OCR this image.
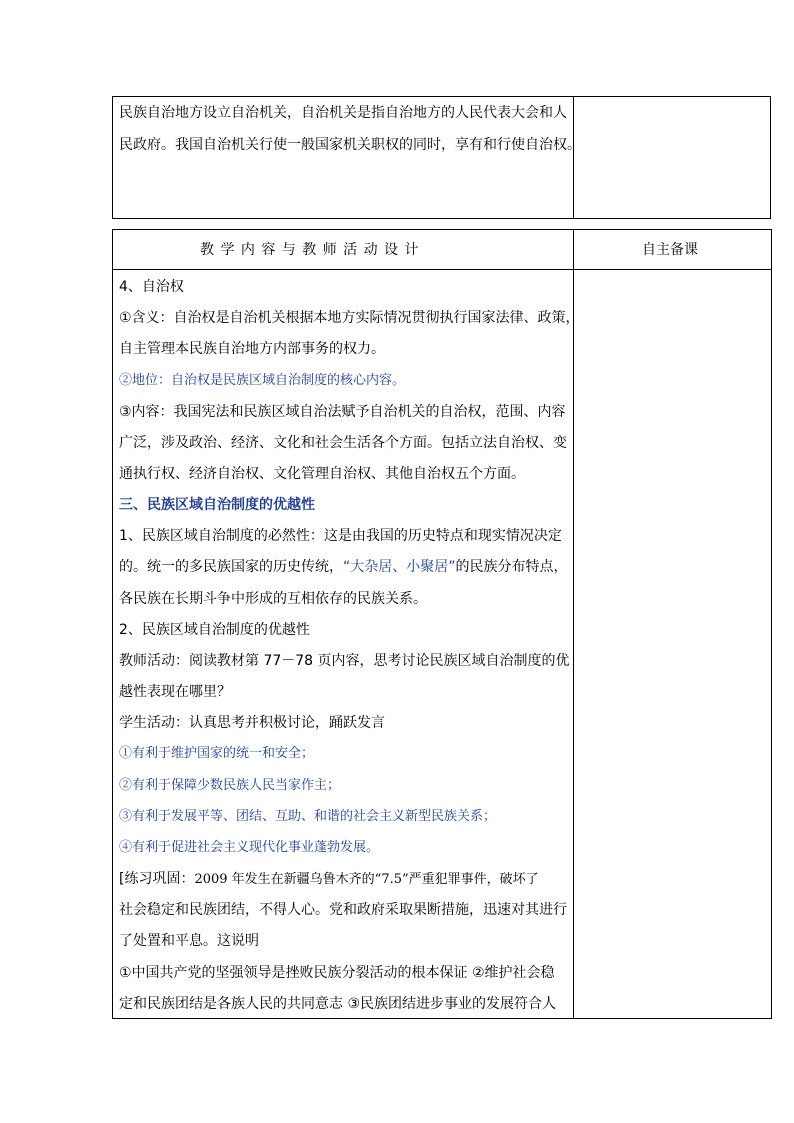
民族自治地方设立自治机关，自治机关是指自治地方的人民代表大会和人
民政府。我国自治机关行使一般国家机关职权的同时，享有和行使自治权。
教 学 内 容 与 教 师 活 动 设 计	自主备课
4、自治权
①含义：自治权是自治机关根据本地方实际情况贯彻执行国家法律、政策，
自主管理本民族自治地方内部事务的权力。
②地位：自治权是民族区域自治制度的核心内容。
③内容：我国宪法和民族区域自治法赋予自治机关的自治权，范围、内容
广泛，涉及政治、经济、文化和社会生活各个方面。包括立法自治权、变
通执行权、经济自治权、文化管理自治权、其他自治权五个方面。
三、民族区域自治制度的优越性
1、民族区域自治制度的必然性：这是由我国的历史特点和现实情况决定
的。统一的多民族国家的历史传统，“大杂居、小聚居”的民族分布特点，
各民族在长期斗争中形成的互相依存的民族关系。
2、民族区域自治制度的优越性
教师活动：阅读教材第 77－78 页内容，思考讨论民族区域自治制度的优
越性表现在哪里？
学生活动：认真思考并积极讨论，踊跃发言
①有利于维护国家的统一和安全；
②有利于保障少数民族人民当家作主；
③有利于发展平等、团结、互助、和谐的社会主义新型民族关系；
④有利于促进社会主义现代化事业蓬勃发展。
[练习巩固：2009 年发生在新疆乌鲁木齐的“7.5”严重犯罪事件，破坏了
社会稳定和民族团结，不得人心。党和政府采取果断措施，迅速对其进行
了处置和平息。这说明
①中国共产党的坚强领导是挫败民族分裂活动的根本保证 ②维护社会稳
定和民族团结是各族人民的共同意志 ③民族团结进步事业的发展符合人
